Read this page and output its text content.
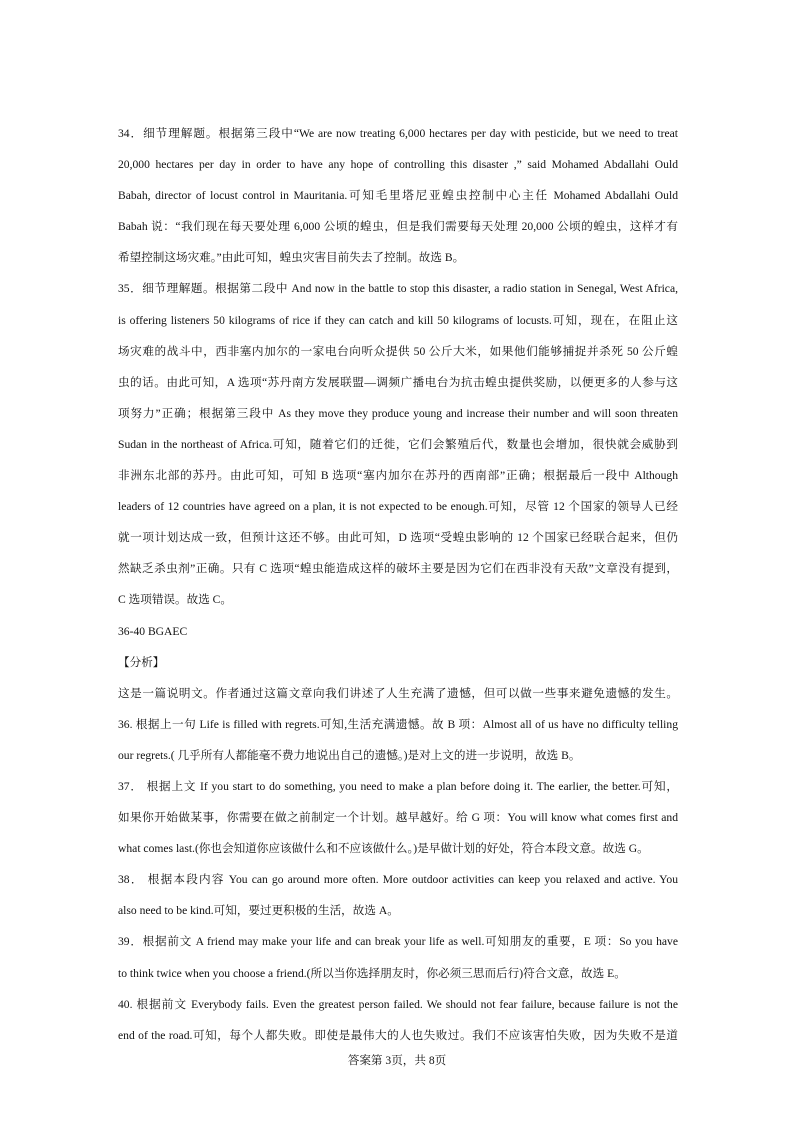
34．细节理解题。根据第三段中“We are now treating 6,000 hectares per day with pesticide, but we need to treat
20,000 hectares per day in order to have any hope of controlling this disaster ,” said Mohamed Abdallahi Ould
Babah, director of locust control in Mauritania.可知毛里塔尼亚蝗虫控制中心主任 Mohamed Abdallahi Ould
Babah 说：“我们现在每天要处理 6,000 公顷的蝗虫，但是我们需要每天处理 20,000 公顷的蝗虫，这样才有
希望控制这场灾难。”由此可知，蝗虫灾害目前失去了控制。故选 B。
35．细节理解题。根据第二段中 And now in the battle to stop this disaster, a radio station in Senegal, West Africa,
is offering listeners 50 kilograms of rice if they can catch and kill 50 kilograms of locusts.可知，现在，在阻止这
场灾难的战斗中，西非塞内加尔的一家电台向听众提供 50 公斤大米，如果他们能够捕捉并杀死 50 公斤蝗
虫的话。由此可知，A 选项“苏丹南方发展联盟—调频广播电台为抗击蝗虫提供奖励，以便更多的人参与这
项努力”正确；根据第三段中 As they move they produce young and increase their number and will soon threaten
Sudan in the northeast of Africa.可知，随着它们的迁徙，它们会繁殖后代，数量也会增加，很快就会威胁到
非洲东北部的苏丹。由此可知，可知 B 选项“塞内加尔在苏丹的西南部”正确；根据最后一段中 Although
leaders of 12 countries have agreed on a plan, it is not expected to be enough.可知，尽管 12 个国家的领导人已经
就一项计划达成一致，但预计这还不够。由此可知，D 选项“受蝗虫影响的 12 个国家已经联合起来，但仍
然缺乏杀虫剂”正确。只有 C 选项“蝗虫能造成这样的破坏主要是因为它们在西非没有天敌”文章没有提到，
C 选项错误。故选 C。
36-40 BGAEC
【分析】
这是一篇说明文。作者通过这篇文章向我们讲述了人生充满了遗憾，但可以做一些事来避免遗憾的发生。
36. 根据上一句 Life is filled with regrets.可知,生活充满遗憾。故 B 项：Almost all of us have no difficulty telling
our regrets.( 几乎所有人都能毫不费力地说出自己的遗憾。)是对上文的进一步说明，故选 B。
37． 根据上文 If you start to do something, you need to make a plan before doing it. The earlier, the better.可知，
如果你开始做某事，你需要在做之前制定一个计划。越早越好。给 G 项：You will know what comes first and
what comes last.(你也会知道你应该做什么和不应该做什么。)是早做计划的好处，符合本段文意。故选 G。
38． 根据本段内容 You can go around more often. More outdoor activities can keep you relaxed and active. You
also need to be kind.可知，要过更积极的生活，故选 A。
39．根据前文 A friend may make your life and can break your life as well.可知朋友的重要，E 项：So you have
to think twice when you choose a friend.(所以当你选择朋友时，你必须三思而后行)符合文意，故选 E。
40. 根据前文 Everybody fails. Even the greatest person failed. We should not fear failure, because failure is not the
end of the road.可知，每个人都失败。即使是最伟大的人也失败过。我们不应该害怕失败，因为失败不是道
答案第 3页，共 8页
